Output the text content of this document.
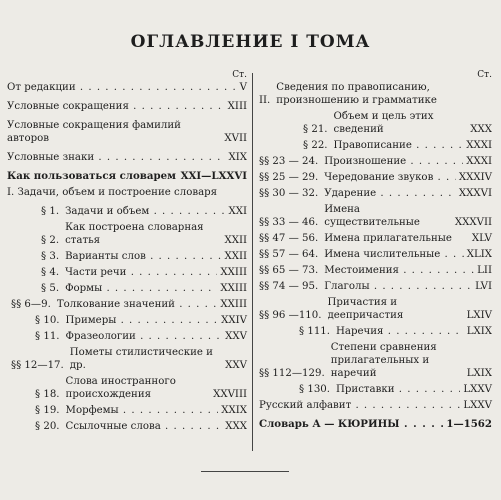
ОГЛАВЛЕНИЕ I ТОМА
Ст.
От редакции . . .	V
Условные сокращения . . .	XIII
Условные сокращения фамилий авторов	XVII
Условные знаки . . .	XIX
Как пользоваться словарем XXI—LXXVI
I. Задачи, объем и построение словаря
§ 1. Задачи и объем . . .	XXI
§ 2.
Как построена словарная статья	XXII
§ 3. Варианты слов . . .	XXII
§ 4. Части речи . . .	XXIII
§ 5. Формы . . .	XXIII
§§ 6—9. Толкование значений . . .	XXIII
§ 10. Примеры . . .	XXIV
§ 11. Фразеологии . . .	XXV
§§ 12—17.
Пометы стилистические и др.	XXV
§ 18.
Слова иностранного происхождения	XXVIII
§ 19. Морфемы . . .	XXIX
§ 20. Ссылочные слова . . .	XXX
Ст.
II.
Сведения по правописанию, произношению и грамматике
§ 21.
Объем и цель этих сведений	XXX
§ 22. Правописание . . .	XXXI
§§ 23 — 24. Произношение . . .	XXXI
§§ 25 — 29. Чередование звуков . . .	XXXIV
§§ 30 — 32. Ударение . . .	XXXVI
§§ 33 — 46.
Имена существительные	XXXVII
§§ 47 — 56. Имена прилагательные	XLV
§§ 57 — 64. Имена числительные . . .	XLIX
§§ 65 — 73. Местоимения . . .	LII
§§ 74 — 95. Глаголы . . .	LVI
§§ 96 —110.
Причастия и деепричастия	LXIV
§ 111. Наречия . . .	LXIX
§§ 112—129.
Степени сравнения прилагательных и наречий	LXIX
§ 130. Приставки . . .	LXXV
Русский алфавит . . .	LXXV
Словарь А — КЮРИНЫ . . .	1—1562
